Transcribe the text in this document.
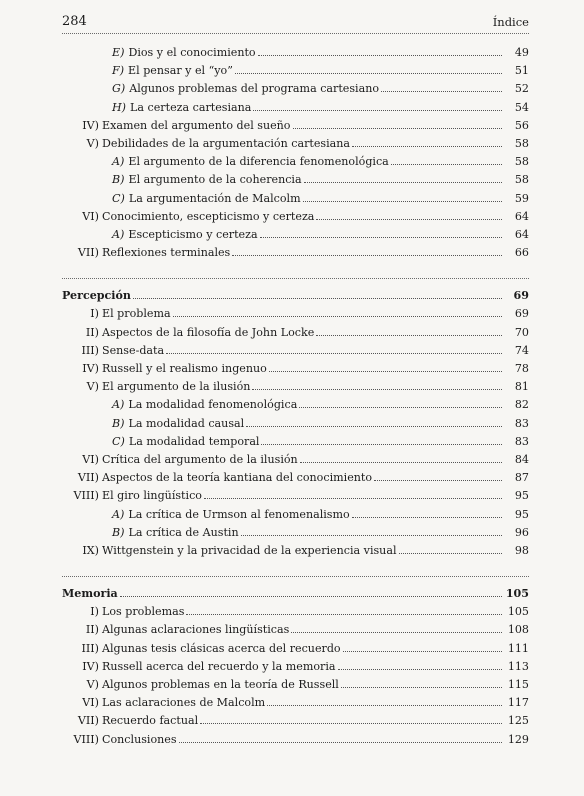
284	Índice
E) Dios y el conocimiento	49
F) El pensar y el “yo”	51
G) Algunos problemas del programa cartesiano	52
H) La certeza cartesiana	54
IV) Examen del argumento del sueño	56
V) Debilidades de la argumentación cartesiana	58
A) El argumento de la diferencia fenomenológica	58
B) El argumento de la coherencia	58
C) La argumentación de Malcolm	59
VI) Conocimiento, escepticismo y certeza	64
A) Escepticismo y certeza	64
VII) Reflexiones terminales	66
Percepción	69
I) El problema	69
II) Aspectos de la filosofía de John Locke	70
III) Sense-data	74
IV) Russell y el realismo ingenuo	78
V) El argumento de la ilusión	81
A) La modalidad fenomenológica	82
B) La modalidad causal	83
C) La modalidad temporal	83
VI) Crítica del argumento de la ilusión	84
VII) Aspectos de la teoría kantiana del conocimiento	87
VIII) El giro lingüístico	95
A) La crítica de Urmson al fenomenalismo	95
B) La crítica de Austin	96
IX) Wittgenstein y la privacidad de la experiencia visual	98
Memoria	105
I) Los problemas	105
II) Algunas aclaraciones lingüísticas	108
III) Algunas tesis clásicas acerca del recuerdo	111
IV) Russell acerca del recuerdo y la memoria	113
V) Algunos problemas en la teoría de Russell	115
VI) Las aclaraciones de Malcolm	117
VII) Recuerdo factual	125
VIII) Conclusiones	129
